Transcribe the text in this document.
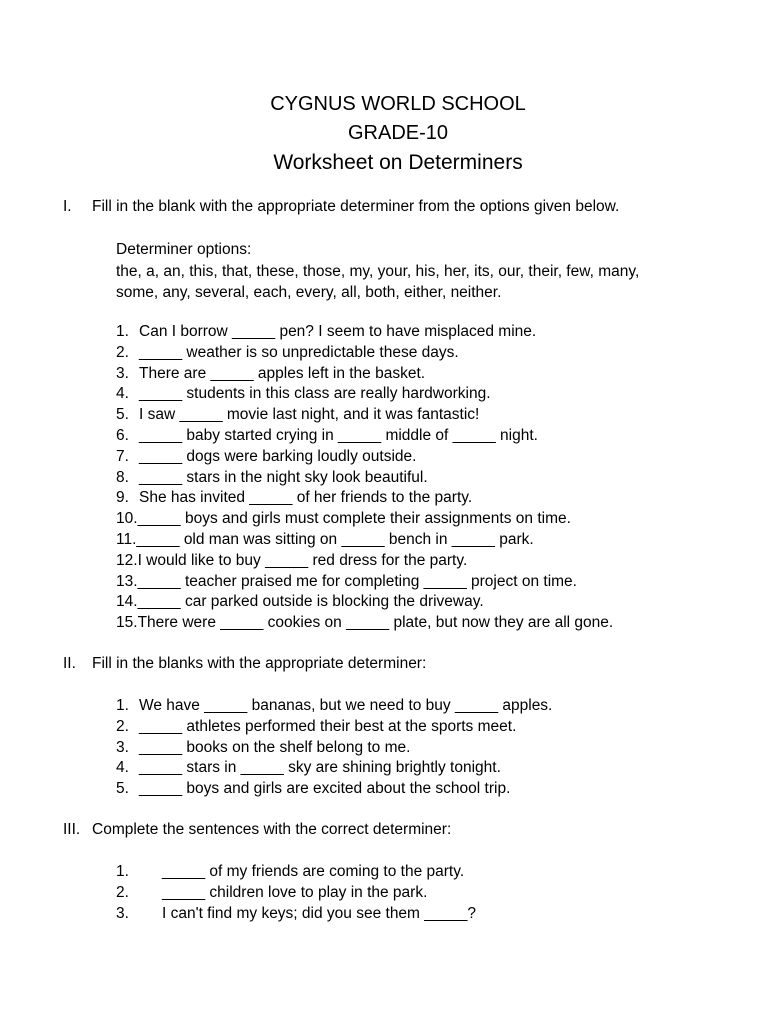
CYGNUS WORLD SCHOOL
GRADE-10
Worksheet on Determiners
I. Fill in the blank with the appropriate determiner from the options given below.
Determiner options:
the, a, an, this, that, these, those, my, your, his, her, its, our, their, few, many,
some, any, several, each, every, all, both, either, neither.
1. Can I borrow _____ pen? I seem to have misplaced mine.
2. _____ weather is so unpredictable these days.
3. There are _____ apples left in the basket.
4. _____ students in this class are really hardworking.
5. I saw _____ movie last night, and it was fantastic!
6. _____ baby started crying in _____ middle of _____ night.
7. _____ dogs were barking loudly outside.
8. _____ stars in the night sky look beautiful.
9. She has invited _____ of her friends to the party.
10._____ boys and girls must complete their assignments on time.
11._____ old man was sitting on _____ bench in _____ park.
12.I would like to buy _____ red dress for the party.
13._____ teacher praised me for completing _____ project on time.
14._____ car parked outside is blocking the driveway.
15.There were _____ cookies on _____ plate, but now they are all gone.
II. Fill in the blanks with the appropriate determiner:
1. We have _____ bananas, but we need to buy _____ apples.
2. _____ athletes performed their best at the sports meet.
3. _____ books on the shelf belong to me.
4. _____ stars in _____ sky are shining brightly tonight.
5. _____ boys and girls are excited about the school trip.
III. Complete the sentences with the correct determiner:
1. _____ of my friends are coming to the party.
2. _____ children love to play in the park.
3. I can't find my keys; did you see them _____?
